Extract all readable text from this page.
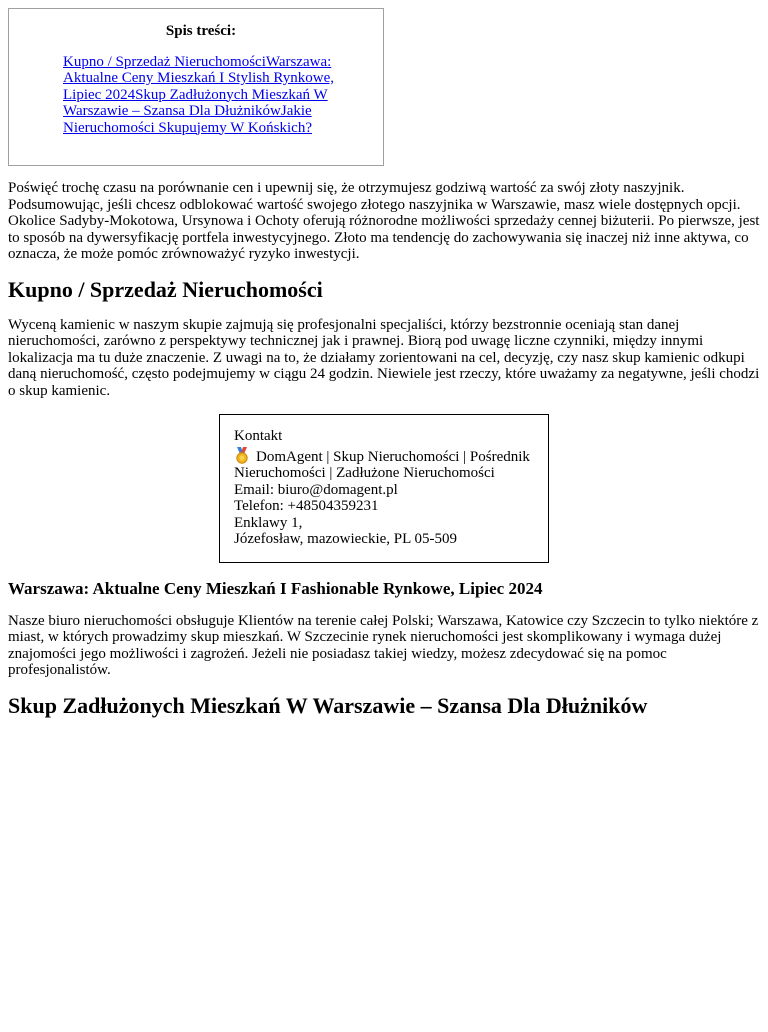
Spis treści:
Kupno / Sprzedaż NieruchomościWarszawa: Aktualne Ceny Mieszkań I Stylish Rynkowe, Lipiec 2024Skup Zadłużonych Mieszkań W Warszawie – Szansa Dla DłużnikówJakie Nieruchomości Skupujemy W Końskich?

Poświęć trochę czasu na porównanie cen i upewnij się, że otrzymujesz godziwą wartość za swój złoty naszyjnik. Podsumowując, jeśli chcesz odblokować wartość swojego złotego naszyjnika w Warszawie, masz wiele dostępnych opcji. Okolice Sadyby-Mokotowa, Ursynowa i Ochoty oferują różnorodne możliwości sprzedaży cennej biżuterii. Po pierwsze, jest to sposób na dywersyfikację portfela inwestycyjnego. Złoto ma tendencję do zachowywania się inaczej niż inne aktywa, co oznacza, że może pomóc zrównoważyć ryzyko inwestycji.

Kupno / Sprzedaż Nieruchomości

Wyceną kamienic w naszym skupie zajmują się profesjonalni specjaliści, którzy bezstronnie oceniają stan danej nieruchomości, zarówno z perspektywy technicznej jak i prawnej. Biorą pod uwagę liczne czynniki, między innymi lokalizacja ma tu duże znaczenie. Z uwagi na to, że działamy zorientowani na cel, decyzję, czy nasz skup kamienic odkupi daną nieruchomość, często podejmujemy w ciągu 24 godzin. Niewiele jest rzeczy, które uważamy za negatywne, jeśli chodzi o skup kamienic.

Kontakt
DomAgent | Skup Nieruchomości | Pośrednik Nieruchomości | Zadłużone Nieruchomości
Email: biuro@domagent.pl
Telefon: +48504359231
Enklawy 1,
Józefosław, mazowieckie, PL 05-509
Warszawa: Aktualne Ceny Mieszkań I Fashionable Rynkowe, Lipiec 2024

Nasze biuro nieruchomości obsługuje Klientów na terenie całej Polski; Warszawa, Katowice czy Szczecin to tylko niektóre z miast, w których prowadzimy skup mieszkań. W Szczecinie rynek nieruchomości jest skomplikowany i wymaga dużej znajomości jego możliwości i zagrożeń. Jeżeli nie posiadasz takiej wiedzy, możesz zdecydować się na pomoc profesjonalistów.

Skup Zadłużonych Mieszkań W Warszawie – Szansa Dla Dłużników
